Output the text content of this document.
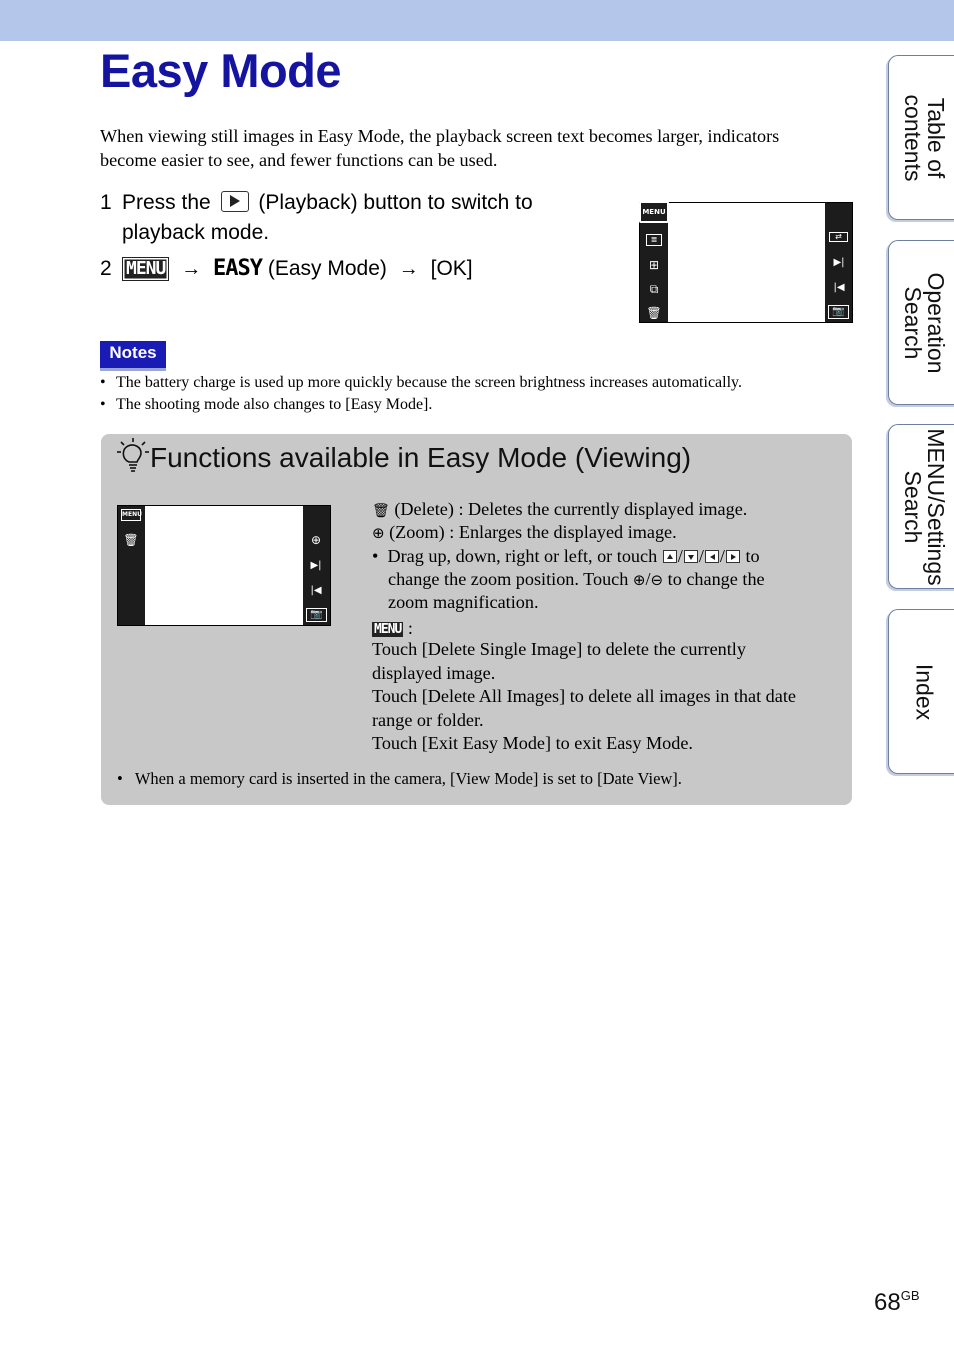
Easy Mode

When viewing still images in Easy Mode, the playback screen text becomes larger, indicators become easier to see, and fewer functions can be used.

1 Press the (Playback) button to switch to
playback mode.
2 MENU → EASY (Easy Mode) → [OK]
MENU
≣
⊞
⧉
🗑
⇄
▶|
|◀
📷
Notes
• The battery charge is used up more quickly because the screen brightness increases automatically.
• The shooting mode also changes to [Easy Mode].
Functions available in Easy Mode (Viewing)
MENU
🗑	⊕
▶|
|◀
📷
🗑 (Delete) : Deletes the currently displayed image.
⊕ (Zoom) : Enlarges the displayed image.
• Drag up, down, right or left, or touch / / / to
change the zoom position. Touch ⊕/⊖ to change the
zoom magnification.
MENU :
Touch [Delete Single Image] to delete the currently
displayed image.
Touch [Delete All Images] to delete all images in that date
range or folder.
Touch [Exit Easy Mode] to exit Easy Mode.
• When a memory card is inserted in the camera, [View Mode] is set to [Date View].
Table of
contents
Operation
Search
MENU/Settings
Search
Index
$68^{GB}$
